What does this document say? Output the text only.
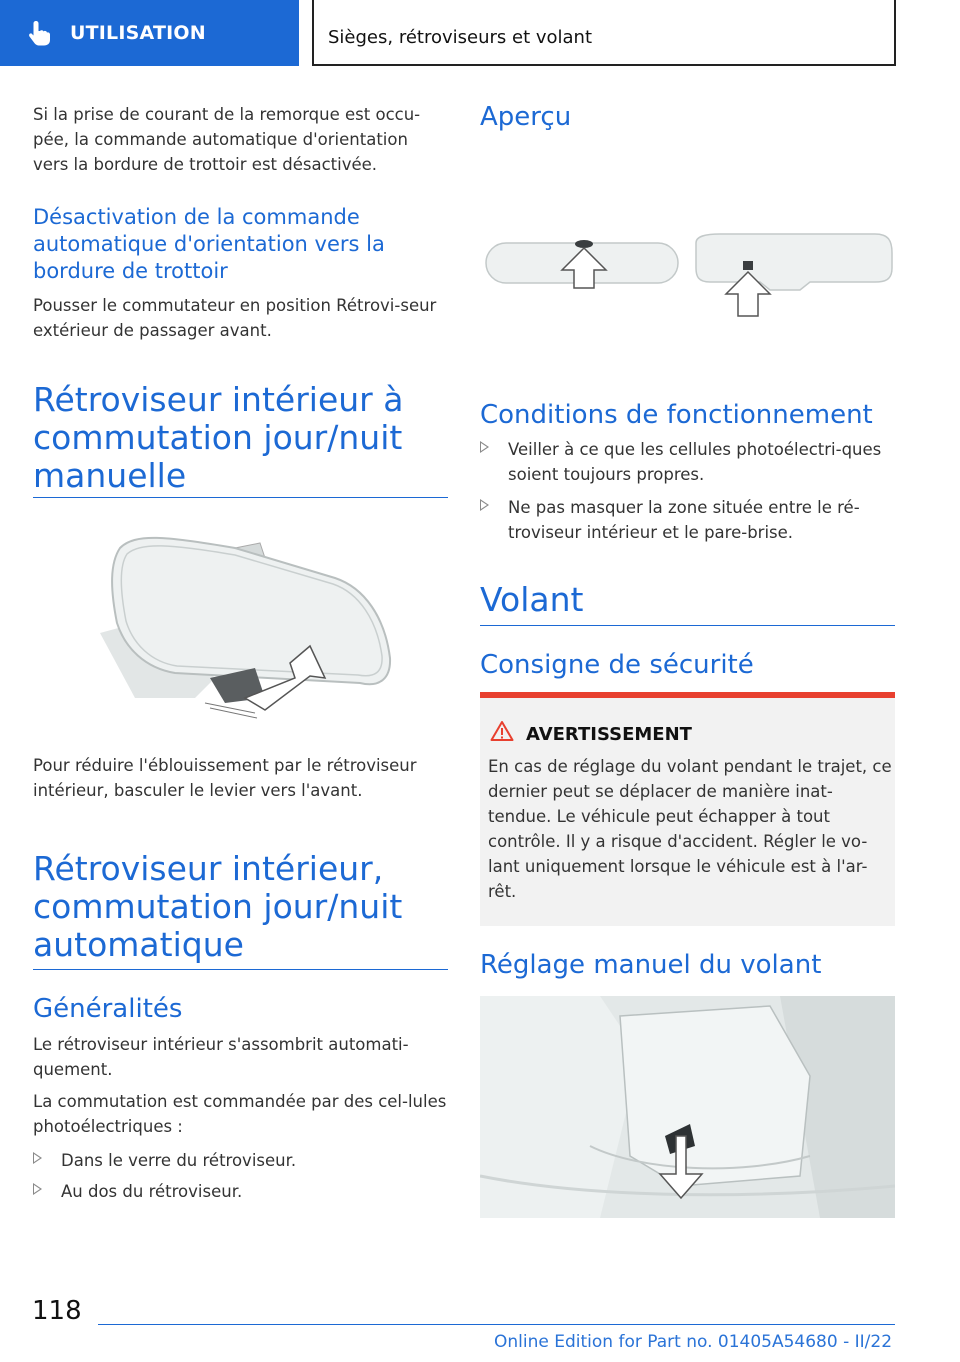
UTILISATION	Sièges, rétroviseurs et volant
Si la prise de courant de la remorque est occu-pée, la commande automatique d'orientation vers la bordure de trottoir est désactivée.
Désactivation de la commande automatique d'orientation vers la bordure de trottoir
Pousser le commutateur en position Rétrovi-seur extérieur de passager avant.
Rétroviseur intérieur à commutation jour/nuit manuelle
Pour réduire l'éblouissement par le rétroviseur intérieur, basculer le levier vers l'avant.
Rétroviseur intérieur, commutation jour/nuit automatique
Généralités
Le rétroviseur intérieur s'assombrit automati-quement.
La commutation est commandée par des cel-lules photoélectriques :
Dans le verre du rétroviseur.
Au dos du rétroviseur.
Aperçu
Conditions de fonctionnement
Veiller à ce que les cellules photoélectri-ques soient toujours propres.
Ne pas masquer la zone située entre le ré-troviseur intérieur et le pare-brise.
Volant
Consigne de sécurité
AVERTISSEMENT
En cas de réglage du volant pendant le trajet, ce dernier peut se déplacer de manière inat-tendue. Le véhicule peut échapper à tout contrôle. Il y a risque d'accident. Régler le vo-lant uniquement lorsque le véhicule est à l'ar-rêt.
Réglage manuel du volant
118
Online Edition for Part no. 01405A54680 - II/22
